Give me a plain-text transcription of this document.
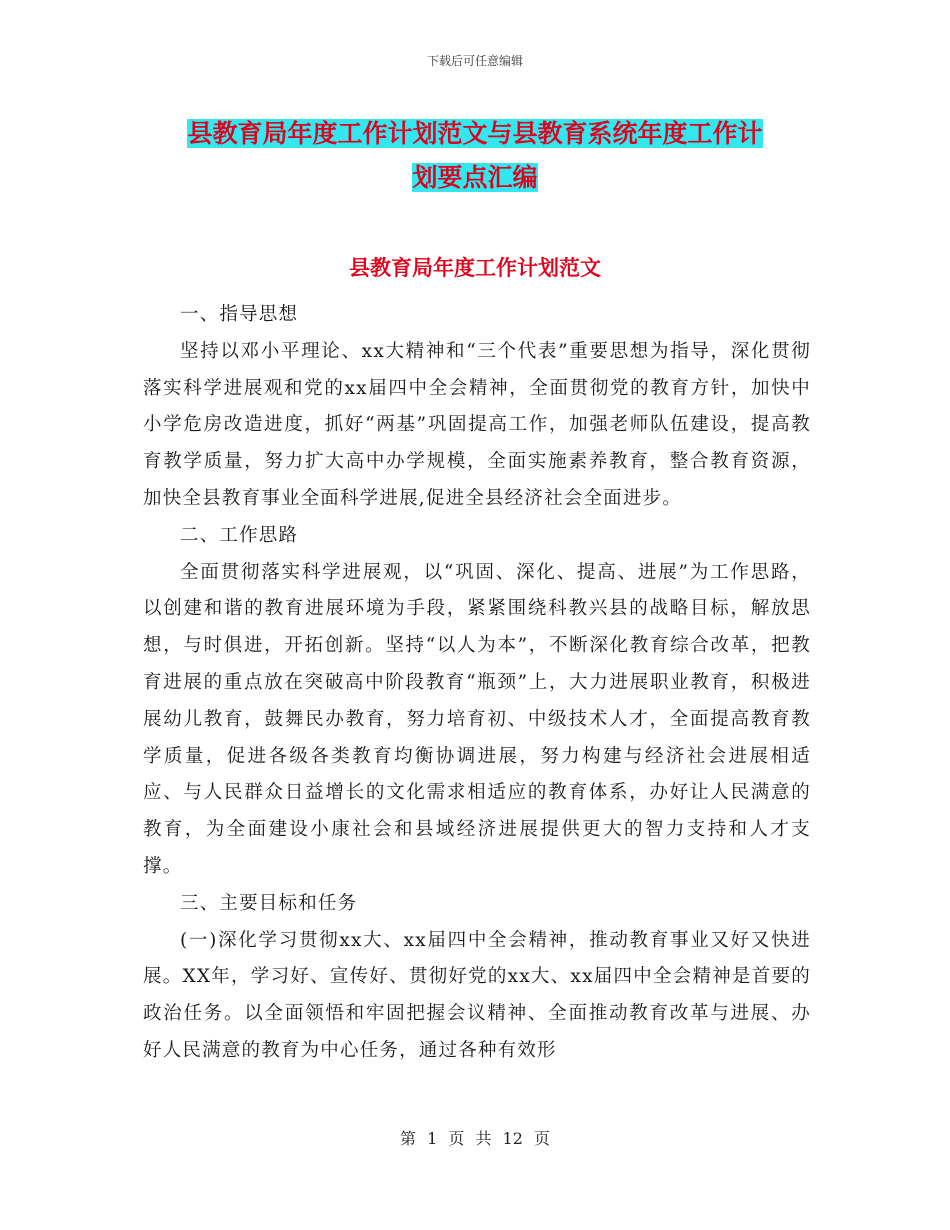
下载后可任意编辑
县教育局年度工作计划范文与县教育系统年度工作计
划要点汇编
县教育局年度工作计划范文

一、指导思想

坚持以邓小平理论、xx大精神和“三个代表”重要思想为指导，深化贯彻落实科学进展观和党的xx届四中全会精神，全面贯彻党的教育方针，加快中小学危房改造进度，抓好“两基”巩固提高工作，加强老师队伍建设，提高教育教学质量，努力扩大高中办学规模，全面实施素养教育，整合教育资源，加快全县教育事业全面科学进展,促进全县经济社会全面进步。

二、工作思路

全面贯彻落实科学进展观，以“巩固、深化、提高、进展”为工作思路，以创建和谐的教育进展环境为手段，紧紧围绕科教兴县的战略目标，解放思想，与时俱进，开拓创新。坚持“以人为本”，不断深化教育综合改革，把教育进展的重点放在突破高中阶段教育“瓶颈”上，大力进展职业教育，积极进展幼儿教育，鼓舞民办教育，努力培育初、中级技术人才，全面提高教育教学质量，促进各级各类教育均衡协调进展，努力构建与经济社会进展相适应、与人民群众日益增长的文化需求相适应的教育体系，办好让人民满意的教育，为全面建设小康社会和县域经济进展提供更大的智力支持和人才支撑。

三、主要目标和任务

(一)深化学习贯彻xx大、xx届四中全会精神，推动教育事业又好又快进展。XX年，学习好、宣传好、贯彻好党的xx大、xx届四中全会精神是首要的政治任务。以全面领悟和牢固把握会议精神、全面推动教育改革与进展、办好人民满意的教育为中心任务，通过各种有效形

第 1 页 共 12 页
